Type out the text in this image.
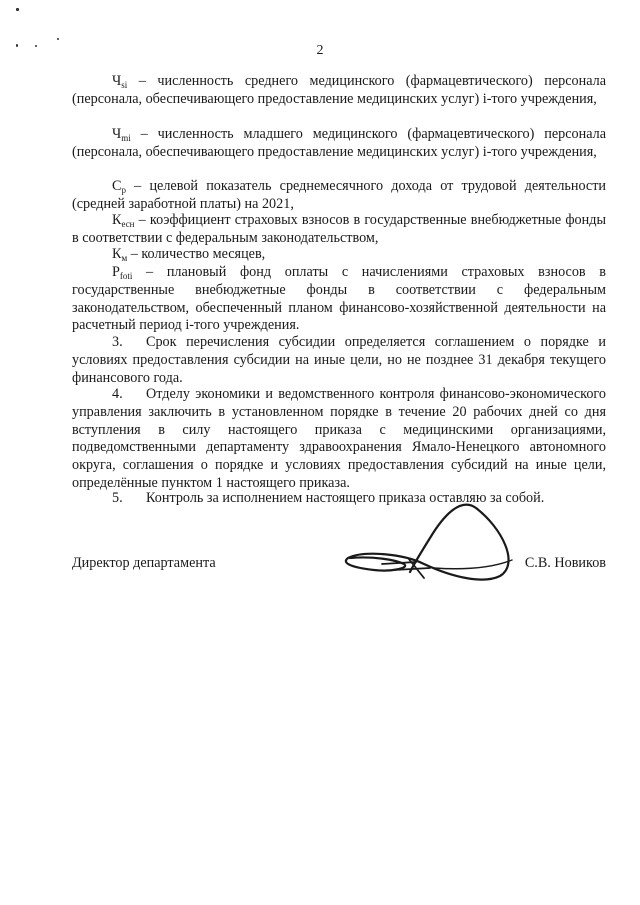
2
$Ч_{si}$ – численность среднего медицинского (фармацевтического) персонала (персонала, обеспечивающего предоставление медицинских услуг) i-того учреждения,
$Ч_{mi}$ – численность младшего медицинского (фармацевтического) персонала (персонала, обеспечивающего предоставление медицинских услуг) i-того учреждения,
$С_р$ – целевой показатель среднемесячного дохода от трудовой деятельности (средней заработной платы) на 2021,
$К_{есн}$ – коэффициент страховых взносов в государственные внебюджетные фонды в соответствии с федеральным законодательством,
$К_м$ – количество месяцев,
$Р_{foti}$ – плановый фонд оплаты с начислениями страховых взносов в государственные внебюджетные фонды в соответствии с федеральным законодательством, обеспеченный планом финансово-хозяйственной деятельности на расчетный период i-того учреждения.
3. Срок перечисления субсидии определяется соглашением о порядке и условиях предоставления субсидии на иные цели, но не позднее 31 декабря текущего финансового года.
4. Отделу экономики и ведомственного контроля финансово-экономического управления заключить в установленном порядке в течение 20 рабочих дней со дня вступления в силу настоящего приказа с медицинскими организациями, подведомственными департаменту здравоохранения Ямало-Ненецкого автономного округа, соглашения о порядке и условиях предоставления субсидий на иные цели, определённые пунктом 1 настоящего приказа.
5. Контроль за исполнением настоящего приказа оставляю за собой.
Директор департамента	С.В. Новиков
